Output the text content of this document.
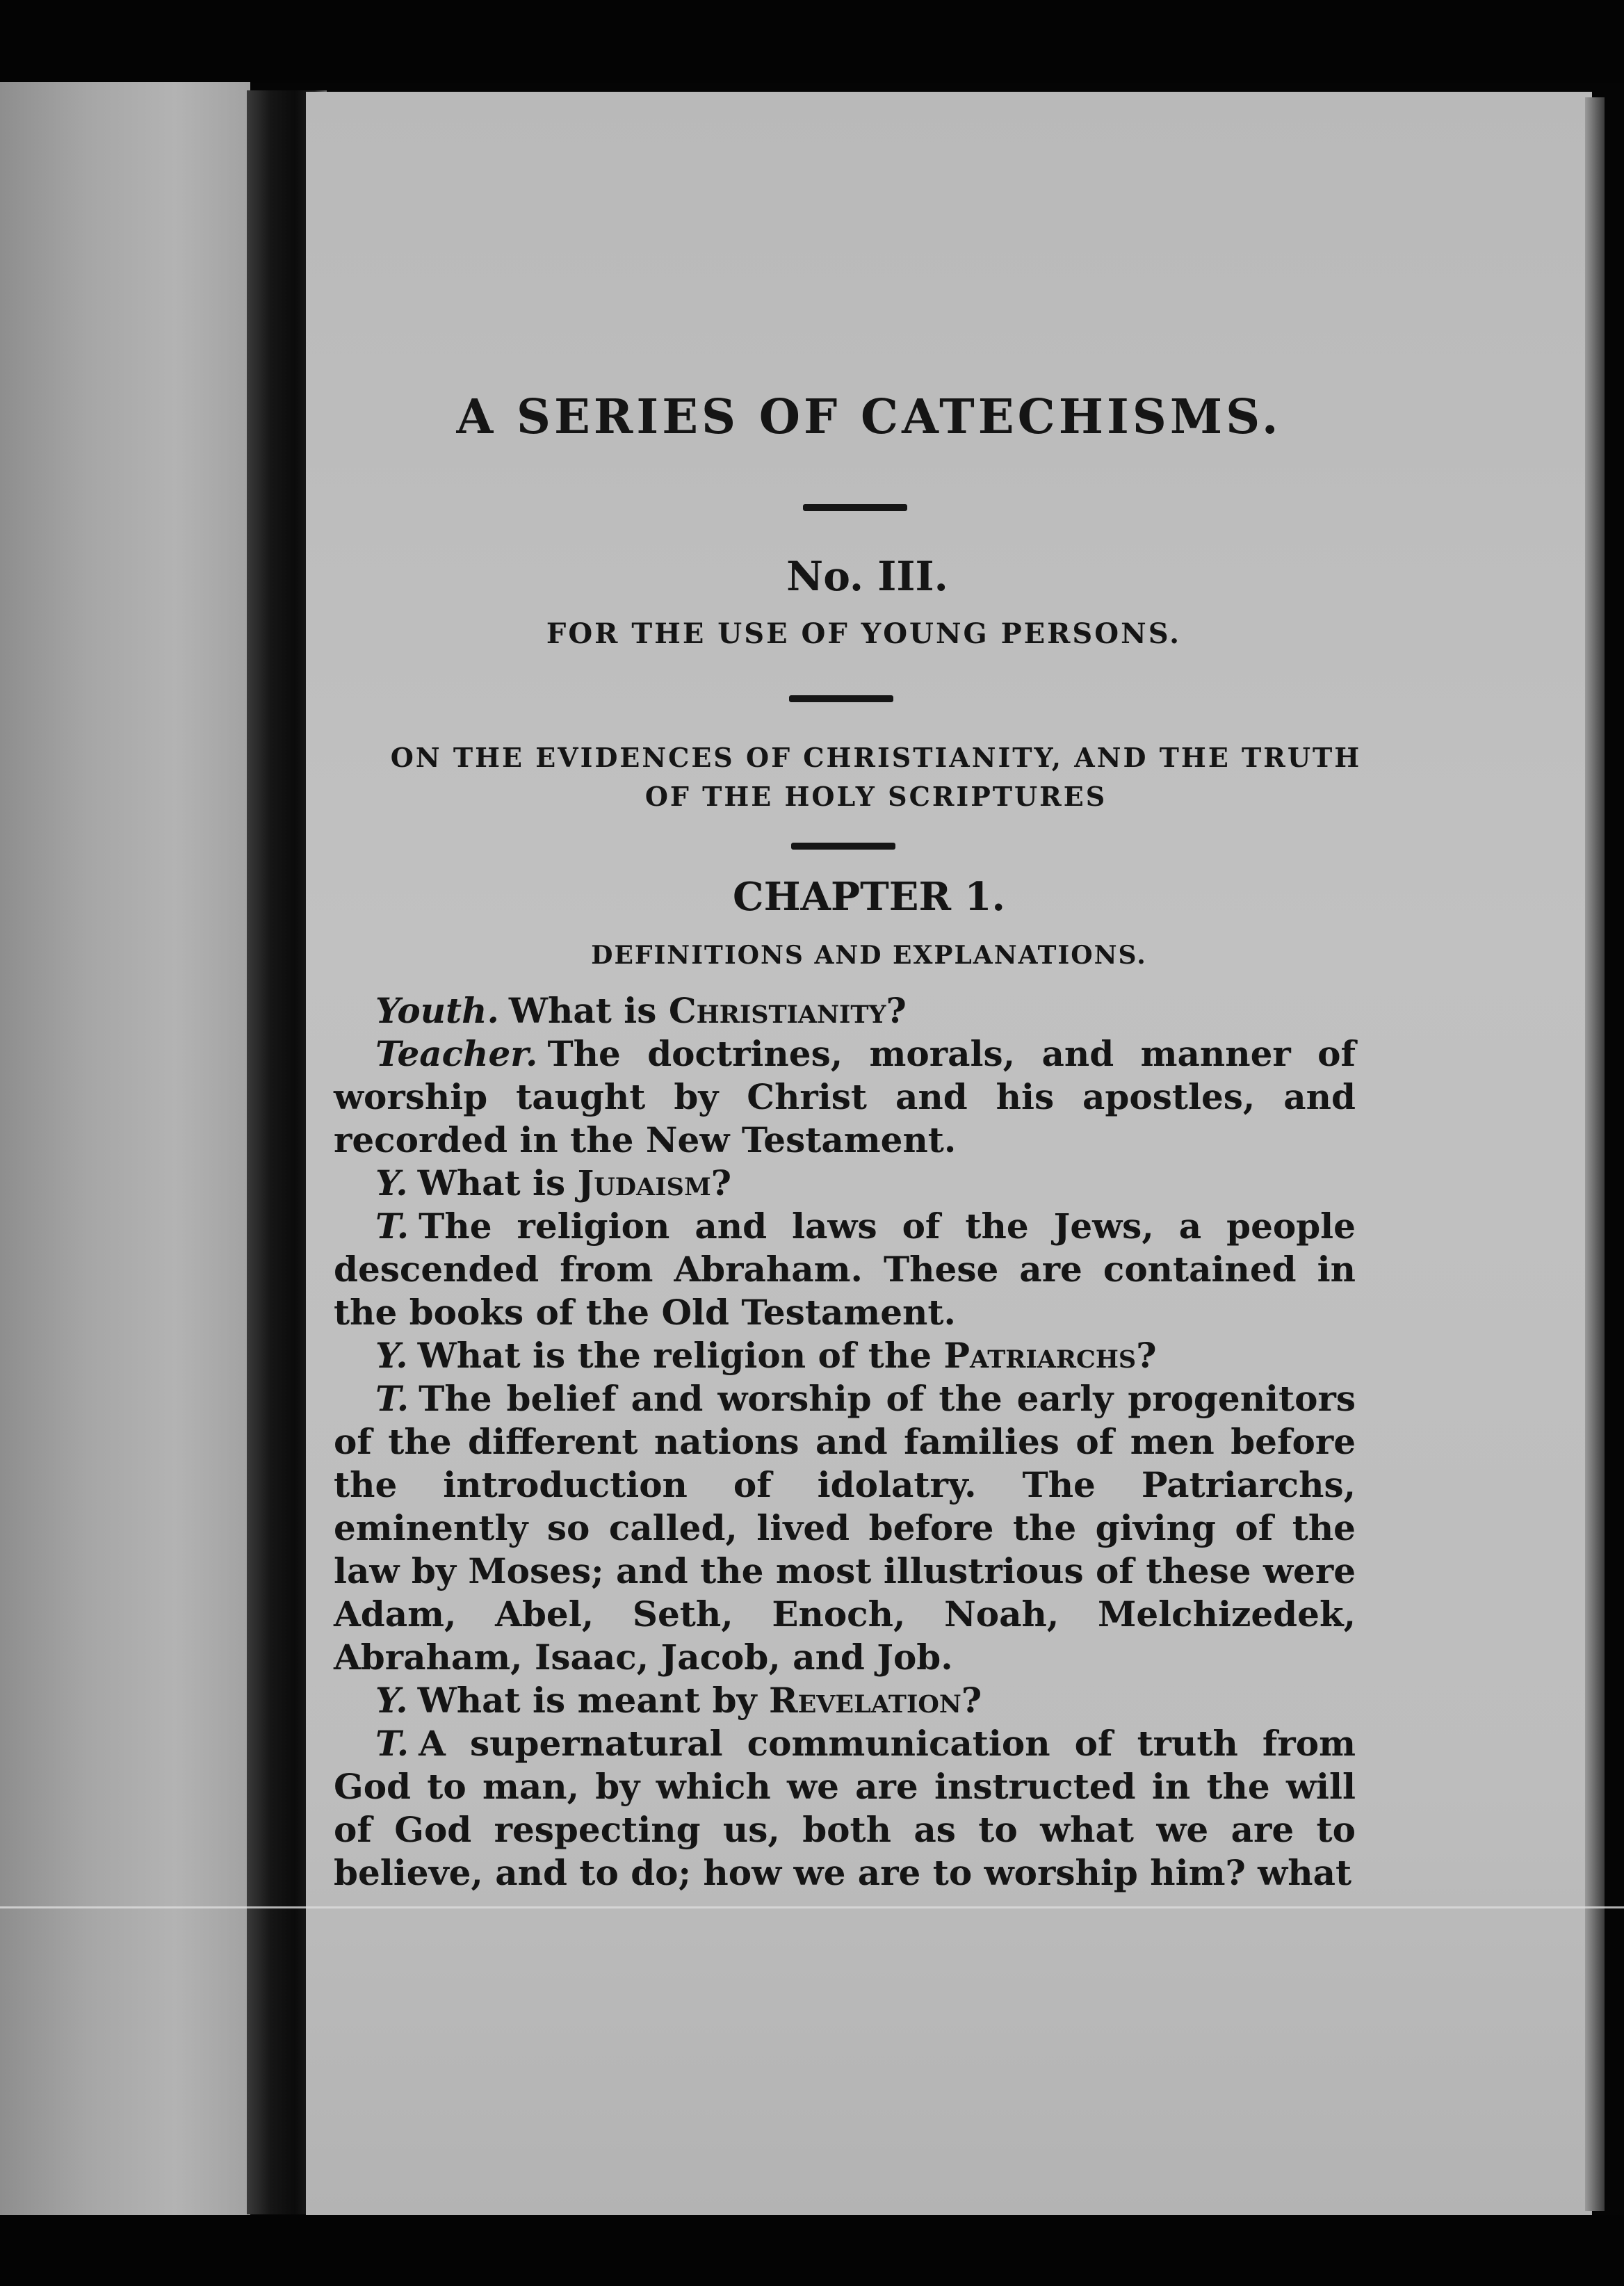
A SERIES OF CATECHISMS.
No. III.
FOR THE USE OF YOUNG PERSONS.
ON THE EVIDENCES OF CHRISTIANITY, AND THE TRUTH OF THE HOLY SCRIPTURES
CHAPTER 1.
DEFINITIONS AND EXPLANATIONS.

Youth. What is Christianity?

Teacher. The doctrines, morals, and manner of worship taught by Christ and his apostles, and recorded in the New Testament.

Y. What is Judaism?

T. The religion and laws of the Jews, a people descended from Abraham. These are contained in the books of the Old Testament.

Y. What is the religion of the Patriarchs?

T. The belief and worship of the early progenitors of the different nations and families of men before the introduction of idolatry. The Patriarchs, eminently so called, lived before the giving of the law by Moses; and the most illustrious of these were Adam, Abel, Seth, Enoch, Noah, Melchizedek, Abraham, Isaac, Jacob, and Job.

Y. What is meant by Revelation?

T. A supernatural communication of truth from God to man, by which we are instructed in the will of God respecting us, both as to what we are to believe, and to do; how we are to worship him? what
